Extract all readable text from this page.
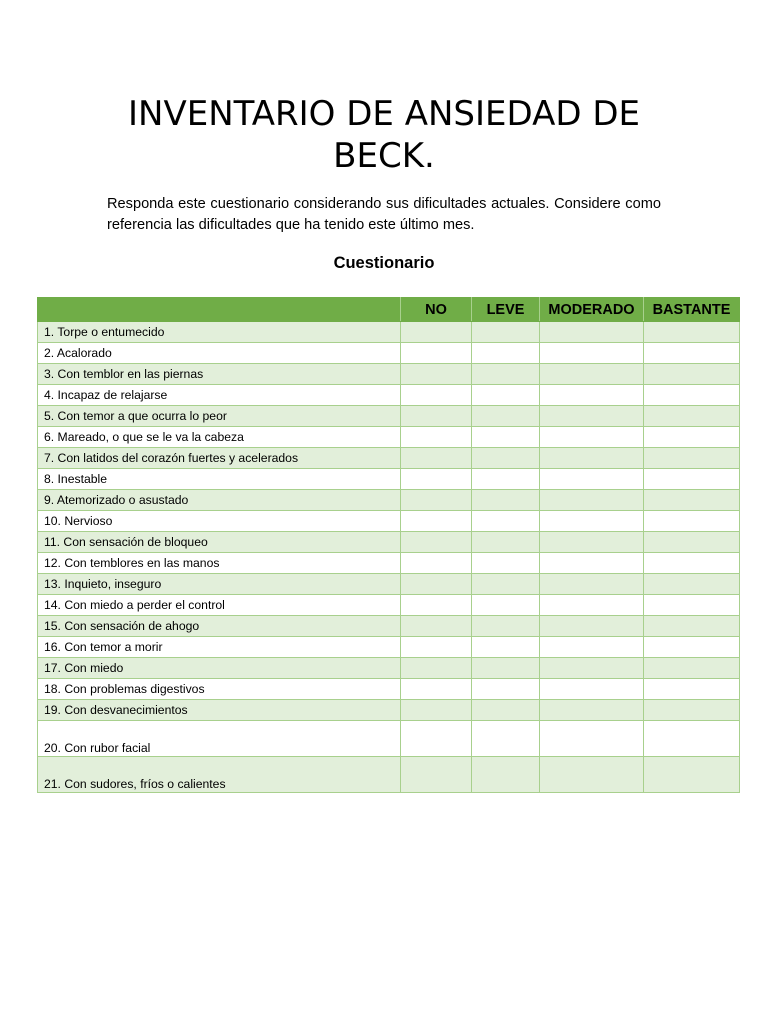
INVENTARIO DE ANSIEDAD DE BECK.

Responda este cuestionario considerando sus dificultades actuales. Considere como referencia las dificultades que ha tenido este último mes.

Cuestionario

	NO	LEVE	MODERADO	BASTANTE
1. Torpe o entumecido				
2. Acalorado				
3. Con temblor en las piernas				
4. Incapaz de relajarse				
5. Con temor a que ocurra lo peor				
6. Mareado, o que se le va la cabeza				
7. Con latidos del corazón fuertes y acelerados				
8. Inestable				
9. Atemorizado o asustado				
10. Nervioso				
11. Con sensación de bloqueo				
12. Con temblores en las manos				
13. Inquieto, inseguro				
14. Con miedo a perder el control				
15. Con sensación de ahogo				
16. Con temor a morir				
17. Con miedo				
18. Con problemas digestivos				
19. Con desvanecimientos				
20. Con rubor facial				
21. Con sudores, fríos o calientes				
